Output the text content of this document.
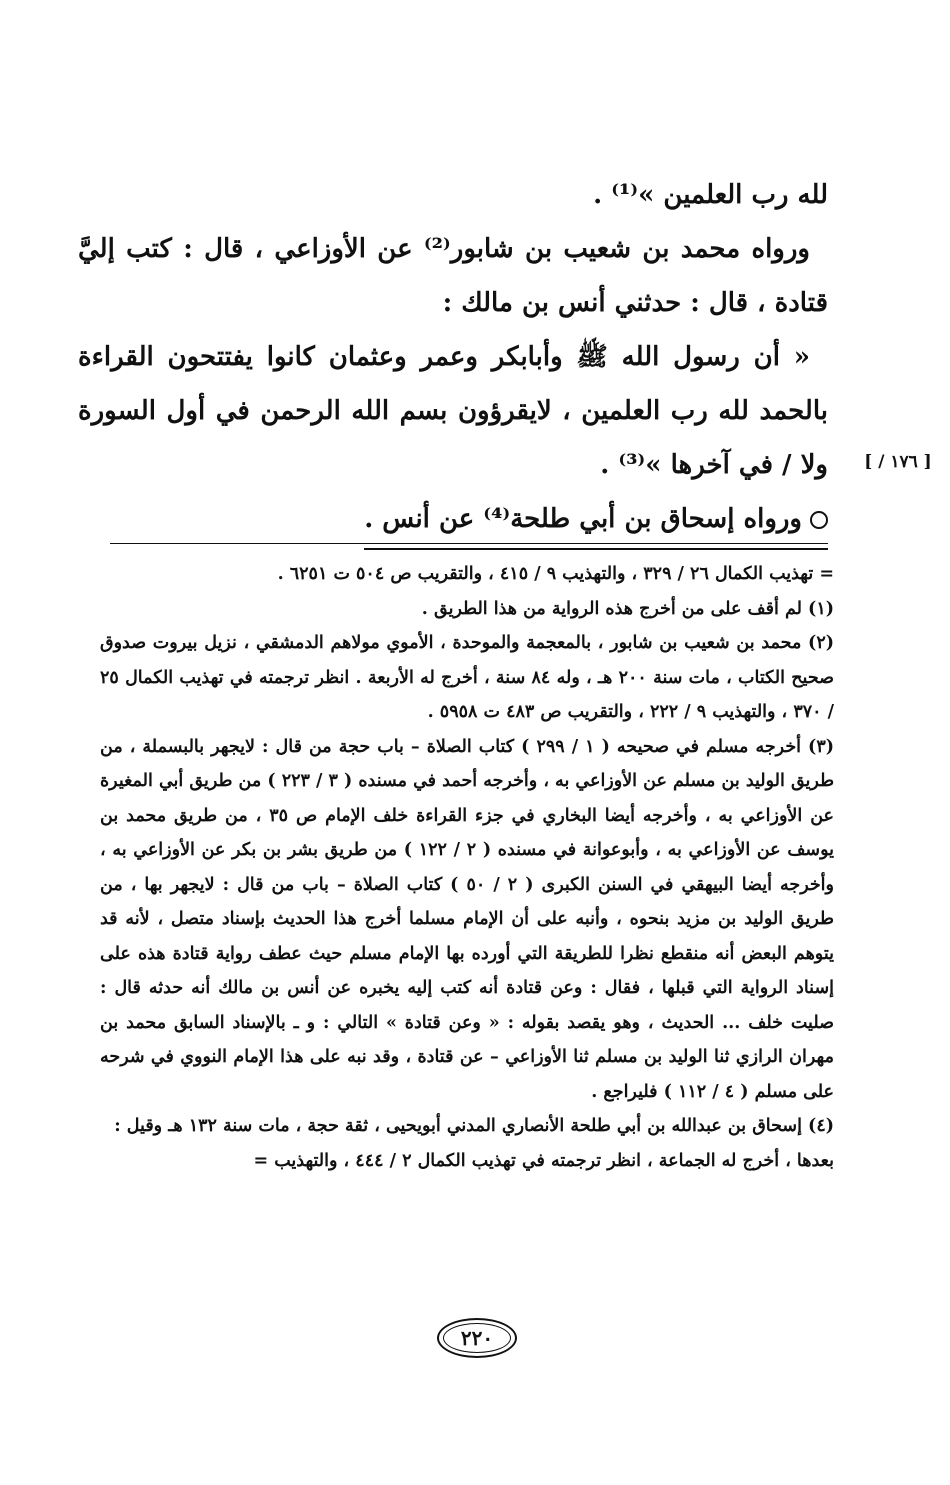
لله رب العلمين »⁽¹⁾ .

ورواه محمد بن شعيب بن شابور⁽²⁾ عن الأوزاعي ، قال : كتب إليَّ قتادة ، قال : حدثني أنس بن مالك :

« أن رسول الله ﷺ وأبابكر وعمر وعثمان كانوا يفتتحون القراءة بالحمد لله رب العلمين ، لايقرؤون بسم الله الرحمن في أول السورة ولا / في آخرها »⁽³⁾ .

ورواه إسحاق بن أبي طلحة⁽⁴⁾ عن أنس .

[ ١٧٦ / ]

= تهذيب الكمال ٢٦ / ٣٢٩ ، والتهذيب ٩ / ٤١٥ ، والتقريب ص ٥٠٤ ت ٦٢٥١ .

(١) لم أقف على من أخرج هذه الرواية من هذا الطريق .

(٢) محمد بن شعيب بن شابور ، بالمعجمة والموحدة ، الأموي مولاهم الدمشقي ، نزيل بيروت صدوق صحيح الكتاب ، مات سنة ٢٠٠ هـ ، وله ٨٤ سنة ، أخرج له الأربعة . انظر ترجمته في تهذيب الكمال ٢٥ / ٣٧٠ ، والتهذيب ٩ / ٢٢٢ ، والتقريب ص ٤٨٣ ت ٥٩٥٨ .

(٣) أخرجه مسلم في صحيحه ( ١ / ٢٩٩ ) كتاب الصلاة – باب حجة من قال : لايجهر بالبسملة ، من طريق الوليد بن مسلم عن الأوزاعي به ، وأخرجه أحمد في مسنده ( ٣ / ٢٢٣ ) من طريق أبي المغيرة عن الأوزاعي به ، وأخرجه أيضا البخاري في جزء القراءة خلف الإمام ص ٣٥ ، من طريق محمد بن يوسف عن الأوزاعي به ، وأبوعوانة في مسنده ( ٢ / ١٢٢ ) من طريق بشر بن بكر عن الأوزاعي به ، وأخرجه أيضا البيهقي في السنن الكبرى ( ٢ / ٥٠ ) كتاب الصلاة – باب من قال : لايجهر بها ، من طريق الوليد بن مزيد بنحوه ، وأنبه على أن الإمام مسلما أخرج هذا الحديث بإسناد متصل ، لأنه قد يتوهم البعض أنه منقطع نظرا للطريقة التي أورده بها الإمام مسلم حيث عطف رواية قتادة هذه على إسناد الرواية التي قبلها ، فقال : وعن قتادة أنه كتب إليه يخبره عن أنس بن مالك أنه حدثه قال : صليت خلف ... الحديث ، وهو يقصد بقوله : « وعن قتادة » التالي : و ـ بالإسناد السابق محمد بن مهران الرازي ثنا الوليد بن مسلم ثنا الأوزاعي – عن قتادة ، وقد نبه على هذا الإمام النووي في شرحه على مسلم ( ٤ / ١١٢ ) فليراجع .

(٤) إسحاق بن عبدالله بن أبي طلحة الأنصاري المدني أبويحيى ، ثقة حجة ، مات سنة ١٣٢ هـ وقيل : بعدها ، أخرج له الجماعة ، انظر ترجمته في تهذيب الكمال ٢ / ٤٤٤ ، والتهذيب =

٢٢٠
